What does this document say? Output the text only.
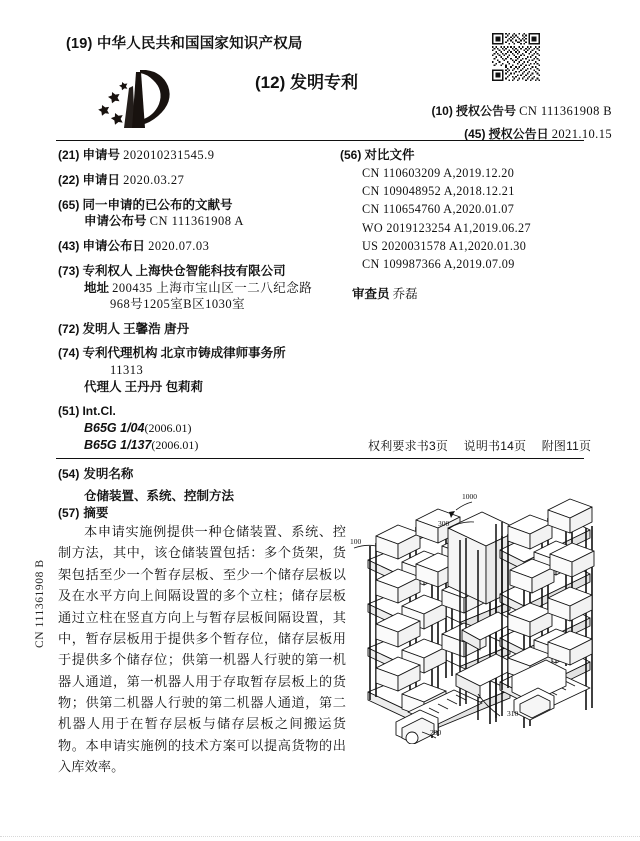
CN 111361908 B
(19) 中华人民共和国国家知识产权局
(12) 发明专利
(10) 授权公告号 CN 111361908 B
(45) 授权公告日 2021.10.15
(21) 申请号 202010231545.9
(22) 申请日 2020.03.27
(65) 同一申请的已公布的文献号
申请公布号 CN 111361908 A
(43) 申请公布日 2020.07.03
(73) 专利权人 上海快仓智能科技有限公司
地址 200435 上海市宝山区一二八纪念路
968号1205室B区1030室
(72) 发明人 王馨浩 唐丹
(74) 专利代理机构 北京市铸成律师事务所
11313
代理人 王丹丹 包莉莉
(51) Int.Cl.
B65G 1/04(2006.01)
B65G 1/137(2006.01)
(56) 对比文件
CN 110603209 A,2019.12.20
CN 109048952 A,2018.12.21
CN 110654760 A,2020.01.07
WO 2019123254 A1,2019.06.27
US 2020031578 A1,2020.01.30
CN 109987366 A,2019.07.09
审查员 乔磊
权利要求书3页 说明书14页 附图11页
(54) 发明名称
仓储装置、系统、控制方法
(57) 摘要
本申请实施例提供一种仓储装置、系统、控制方法，其中，该仓储装置包括：多个货架，货架包括至少一个暂存层板、至少一个储存层板以及在水平方向上间隔设置的多个立柱；储存层板通过立柱在竖直方向上与暂存层板间隔设置，其中，暂存层板用于提供多个暂存位，储存层板用于提供多个储存位；供第一机器人行驶的第一机器人通道，第一机器人用于存取暂存层板上的货物；供第二机器人行驶的第二机器人通道，第二机器人用于在暂存层板与储存层板之间搬运货物。本申请实施例的技术方案可以提高货物的出入库效率。
1000
300
100
310
200
